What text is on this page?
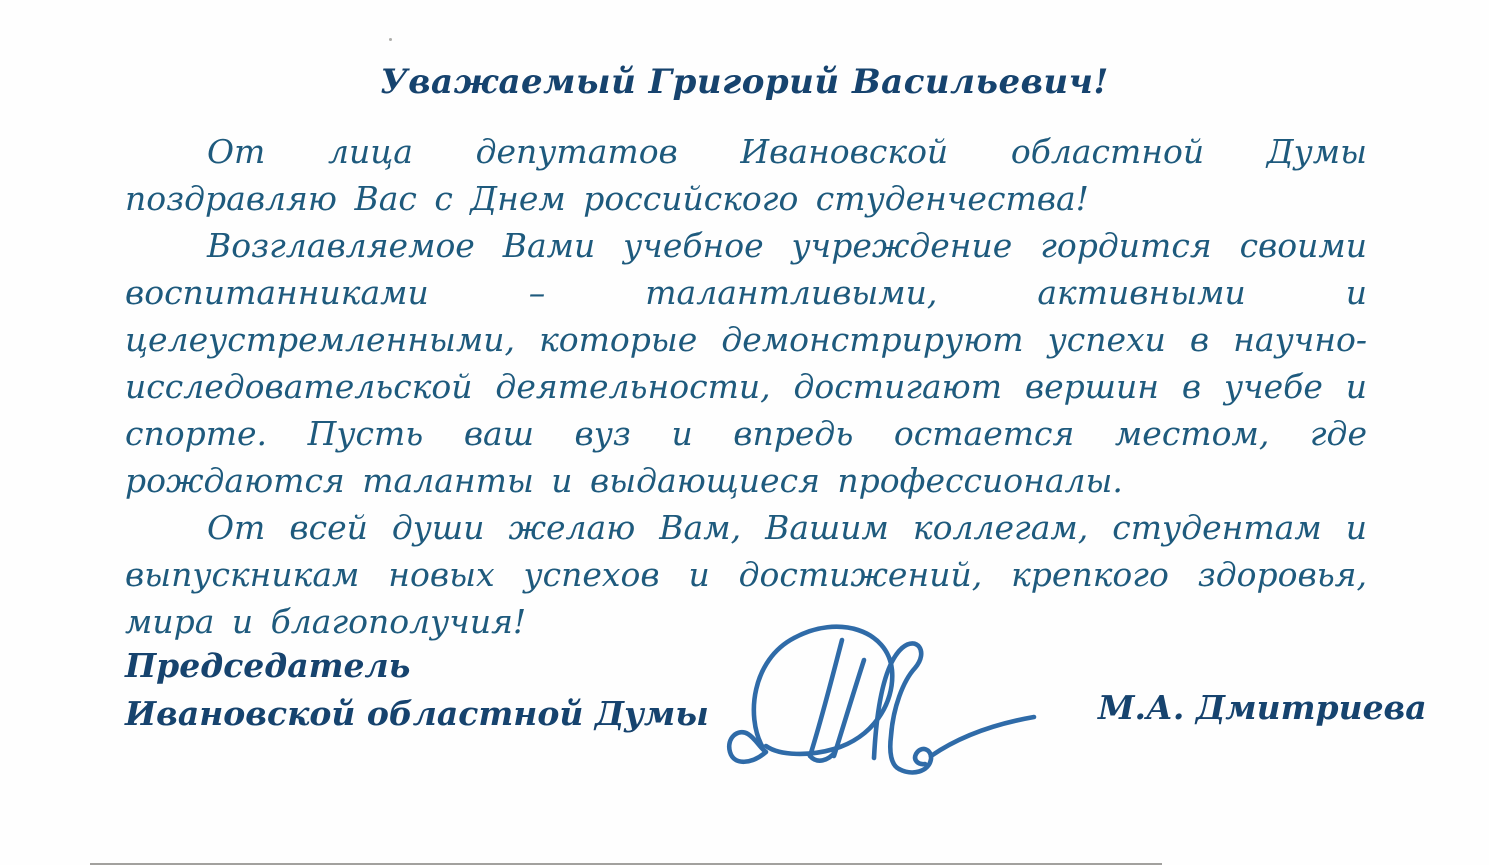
Уважаемый Григорий Васильевич!

От лица депутатов Ивановской областной Думы поздравляю Вас с Днем российского студенчества!

Возглавляемое Вами учебное учреждение гордится своими воспитанниками – талантливыми, активными и целеустремленными, которые демонстрируют успехи в научно-исследовательской деятельности, достигают вершин в учебе и спорте. Пусть ваш вуз и впредь остается местом, где рождаются таланты и выдающиеся профессионалы.

От всей души желаю Вам, Вашим коллегам, студентам и выпускникам новых успехов и достижений, крепкого здоровья, мира и благополучия!

Председатель
Ивановской областной Думы	М.А. Дмитриева
